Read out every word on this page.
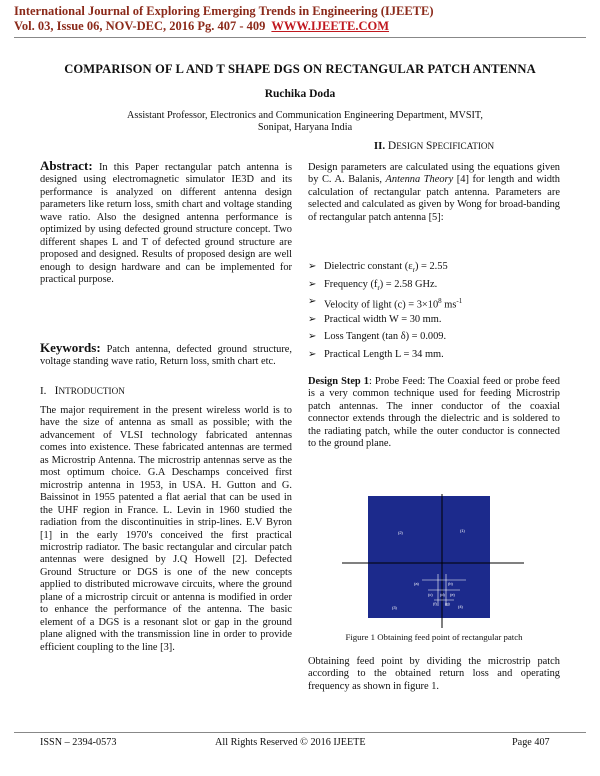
International Journal of Exploring Emerging Trends in Engineering (IJEETE)
Vol. 03, Issue 06, NOV-DEC, 2016 Pg. 407 - 409 WWW.IJEETE.COM
COMPARISON OF L AND T SHAPE DGS ON RECTANGULAR PATCH ANTENNA
Ruchika Doda
Assistant Professor, Electronics and Communication Engineering Department, MVSIT, Sonipat, Haryana India

Abstract: In this Paper rectangular patch antenna is designed using electromagnetic simulator IE3D and its performance is analyzed on different antenna design parameters like return loss, smith chart and voltage standing wave ratio. Also the designed antenna performance is optimized by using defected ground structure concept. Two different shapes L and T of defected ground structure are proposed and designed. Results of proposed design are well enough to design hardware and can be implemented for practical purpose.

Keywords: Patch antenna, defected ground structure, voltage standing wave ratio, Return loss, smith chart etc.

I. INTRODUCTION
The major requirement in the present wireless world is to have the size of antenna as small as possible; with the advancement of VLSI technology fabricated antennas comes into existence. These fabricated antennas are termed as Microstrip Antenna. The microstrip antennas serve as the most optimum choice. G.A Deschamps conceived first microstrip antenna in 1953, in USA. H. Gutton and G. Baissinot in 1955 patented a flat aerial that can be used in the UHF region in France. L. Levin in 1960 studied the radiation from the discontinuities in strip-lines. E.V Byron [1] in the early 1970's conceived the first practical microstrip radiator. The basic rectangular and circular patch antennas were designed by J.Q Howell [2]. Defected Ground Structure or DGS is one of the new concepts applied to distributed microwave circuits, where the ground plane of a microstrip circuit or antenna is modified in order to enhance the performance of the antenna. The basic element of a DGS is a resonant slot or gap in the ground plane aligned with the transmission line in order to provide efficient coupling to the line [3].
II. DESIGN SPECIFICATION
Design parameters are calculated using the equations given by C. A. Balanis, Antenna Theory [4] for length and width calculation of rectangular patch antenna. Parameters are selected and calculated as given by Wong for broad-banding of rectangular patch antenna [5]:
➢ Dielectric constant $(\varepsilon_r) = 2.55$
➢ Frequency $(f_r) = 2.58$ GHz.
➢ Velocity of light $(c) = 3\times 10^8$ $ms^{-1}$
➢ Practical width W = 30 mm.
➢ Loss Tangent (tan δ) = 0.009.
➢ Practical Length L = 34 mm.
Design Step 1: Probe Feed: The Coaxial feed or probe feed is a very common technique used for feeding Microstrip patch antennas. The inner conductor of the coaxial connector extends through the dielectric and is soldered to the radiating patch, while the outer conductor is connected to the ground plane.
(2)	(1)
(3)	(4)
(a)	(b)
(c) (d) (e)
(f) (g)
Figure 1 Obtaining feed point of rectangular patch
Obtaining feed point by dividing the microstrip patch according to the obtained return loss and operating frequency as shown in figure 1.
ISSN – 2394-0573	All Rights Reserved © 2016 IJEETE	Page 407
